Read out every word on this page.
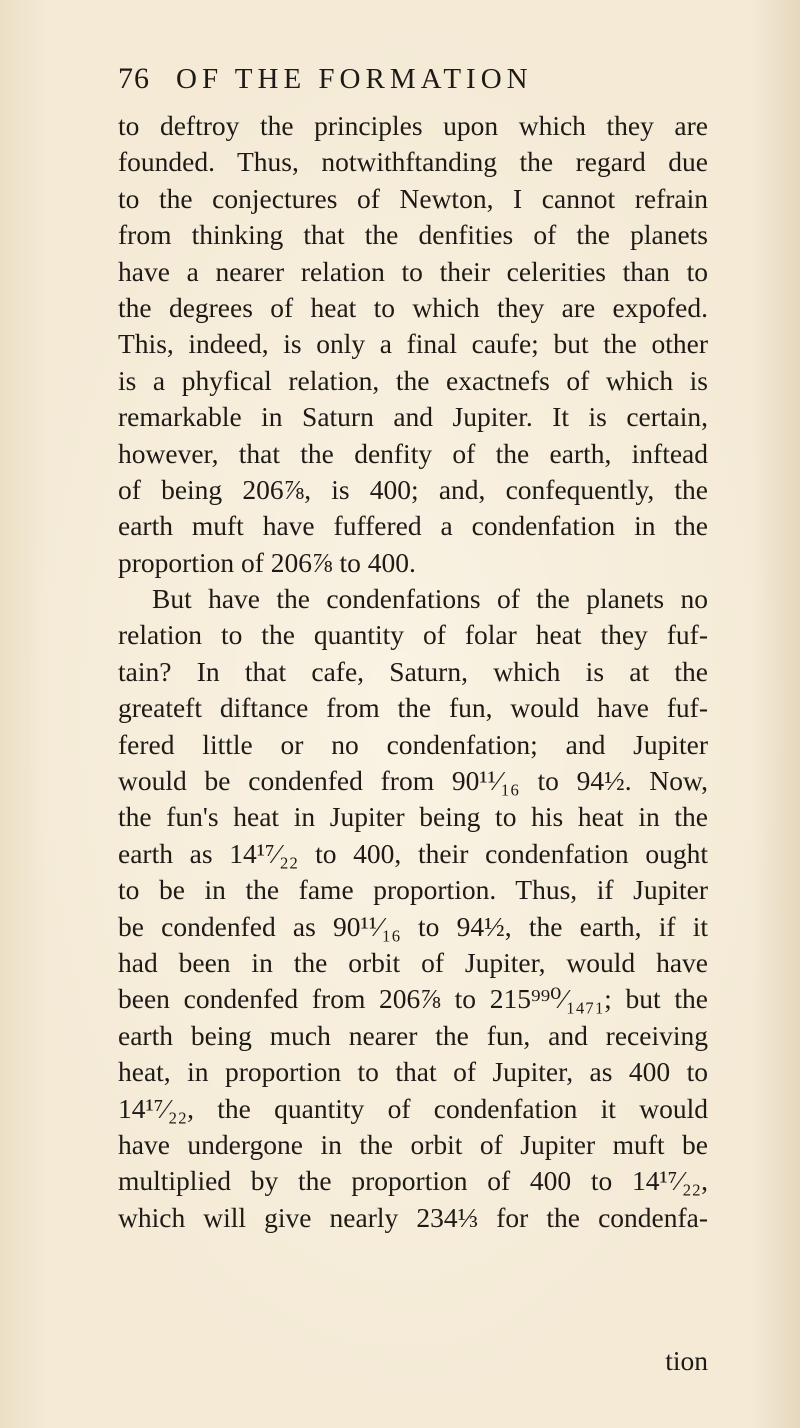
76 OF THE FORMATION
to deftroy the principles upon which they are
founded. Thus, notwithftanding the regard due
to the conjectures of Newton, I cannot refrain
from thinking that the denfities of the planets
have a nearer relation to their celerities than to
the degrees of heat to which they are expofed.
This, indeed, is only a final caufe; but the other
is a phyfical relation, the exactnefs of which is
remarkable in Saturn and Jupiter. It is certain,
however, that the denfity of the earth, inftead
of being 206⅞, is 400; and, confequently, the
earth muft have fuffered a condenfation in the
proportion of 206⅞ to 400.
But have the condenfations of the planets no
relation to the quantity of folar heat they fuf-
tain? In that cafe, Saturn, which is at the
greateft diftance from the fun, would have fuf-
fered little or no condenfation; and Jupiter
would be condenfed from 90¹¹⁄₁₆ to 94½. Now,
the fun's heat in Jupiter being to his heat in the
earth as 14¹⁷⁄₂₂ to 400, their condenfation ought
to be in the fame proportion. Thus, if Jupiter
be condenfed as 90¹¹⁄₁₆ to 94½, the earth, if it
had been in the orbit of Jupiter, would have
been condenfed from 206⅞ to 215⁹⁹⁰⁄₁₄₇₁; but the
earth being much nearer the fun, and receiving
heat, in proportion to that of Jupiter, as 400 to
14¹⁷⁄₂₂, the quantity of condenfation it would
have undergone in the orbit of Jupiter muft be
multiplied by the proportion of 400 to 14¹⁷⁄₂₂,
which will give nearly 234⅓ for the condenfa-
tion
